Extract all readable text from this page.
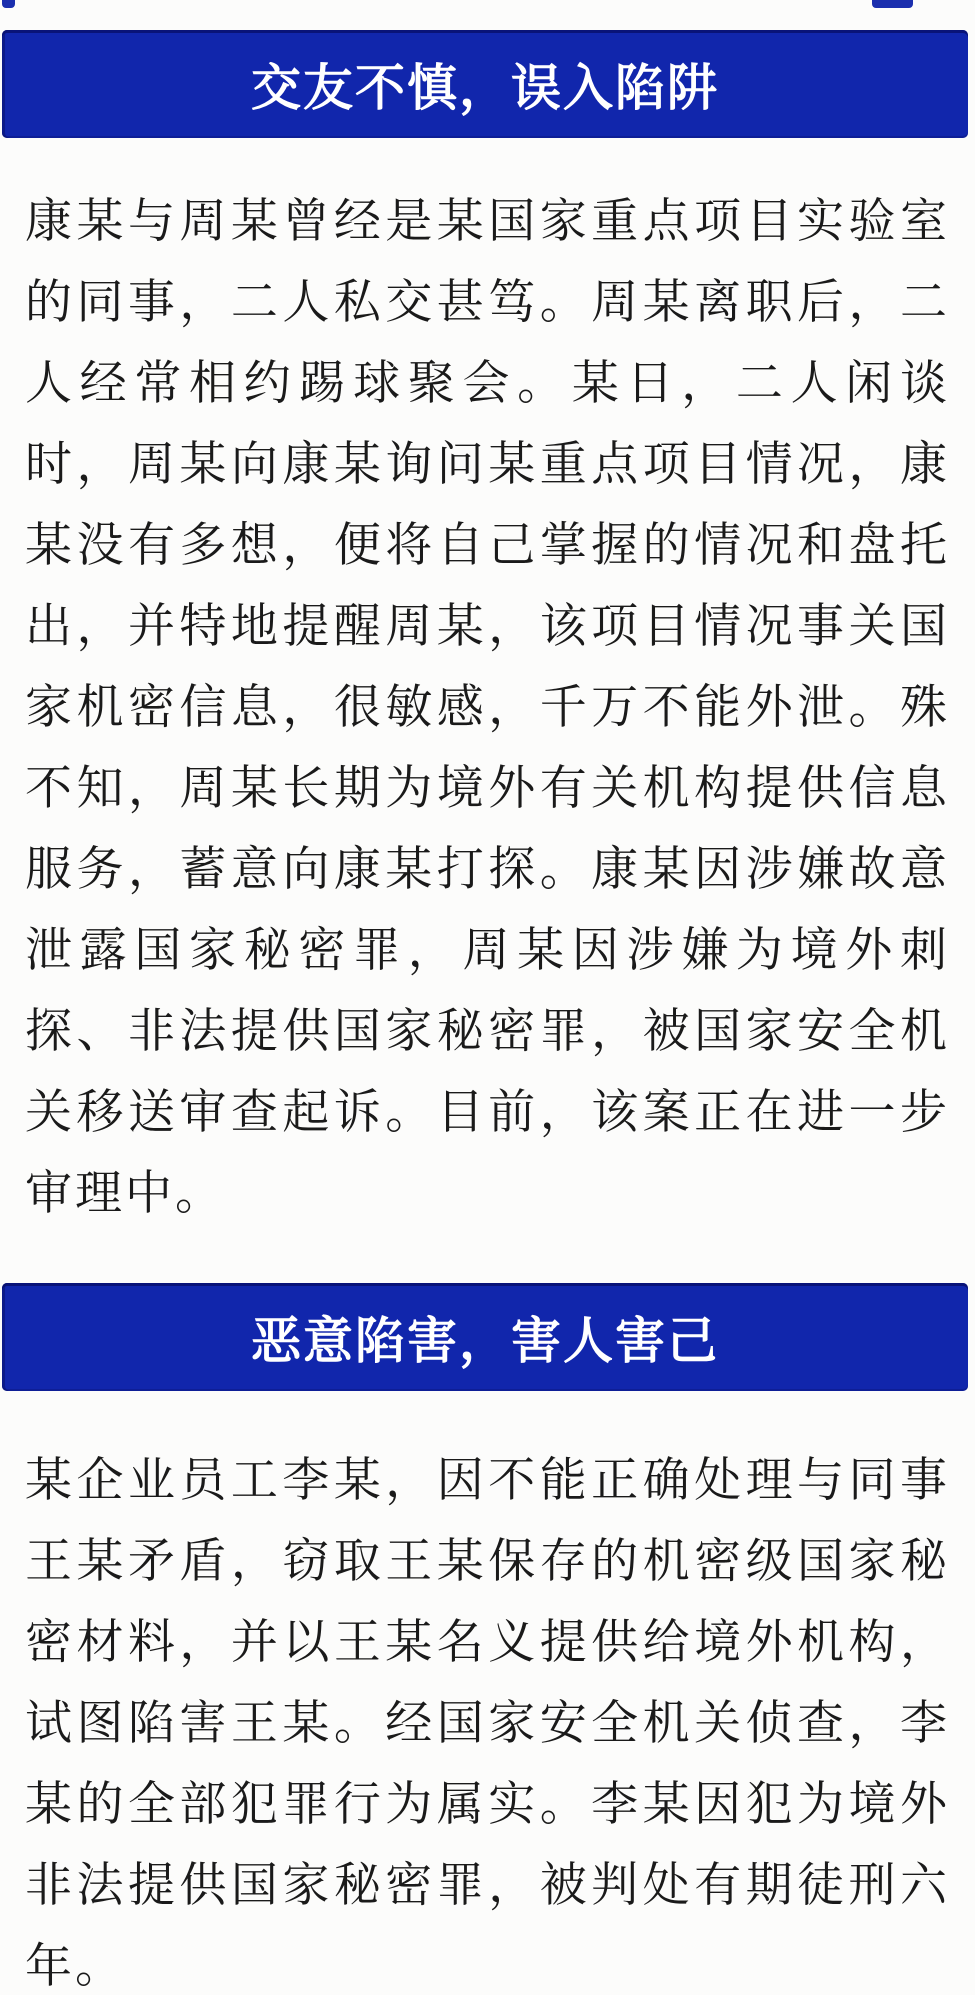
交友不慎，误入陷阱
康某与周某曾经是某国家重点项目实验室的同事，二人私交甚笃。周某离职后，二人经常相约踢球聚会。某日，二人闲谈时，周某向康某询问某重点项目情况，康某没有多想，便将自己掌握的情况和盘托出，并特地提醒周某，该项目情况事关国家机密信息，很敏感，千万不能外泄。殊不知，周某长期为境外有关机构提供信息服务，蓄意向康某打探。康某因涉嫌故意泄露国家秘密罪，周某因涉嫌为境外刺探、非法提供国家秘密罪，被国家安全机关移送审查起诉。目前，该案正在进一步审理中。
恶意陷害，害人害己
某企业员工李某，因不能正确处理与同事王某矛盾，窃取王某保存的机密级国家秘密材料，并以王某名义提供给境外机构，试图陷害王某。经国家安全机关侦查，李某的全部犯罪行为属实。李某因犯为境外非法提供国家秘密罪，被判处有期徒刑六年。
